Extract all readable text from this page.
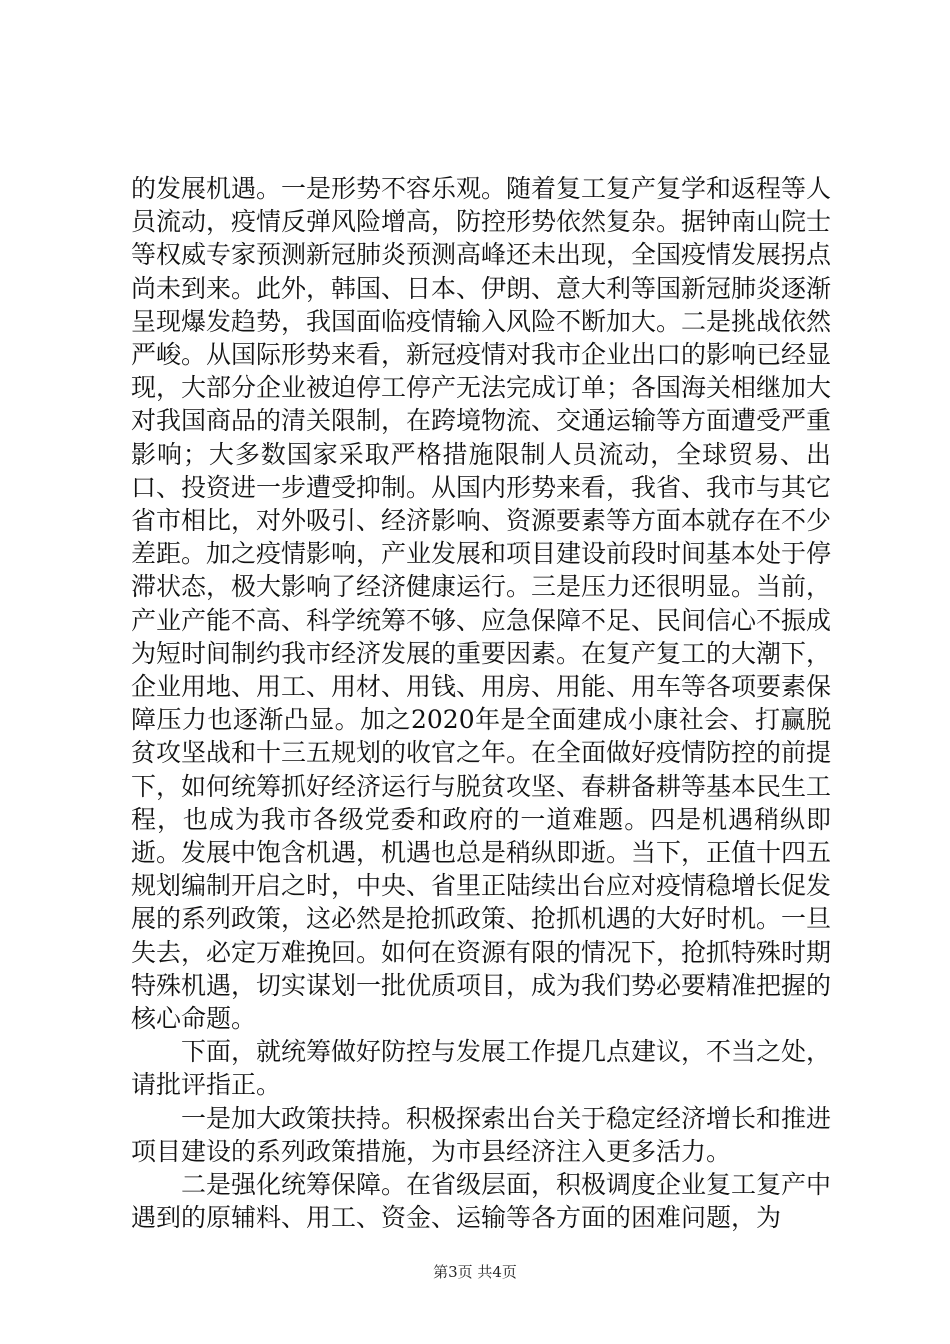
的发展机遇。一是形势不容乐观。随着复工复产复学和返程等人员流动，疫情反弹风险增高，防控形势依然复杂。据钟南山院士等权威专家预测新冠肺炎预测高峰还未出现，全国疫情发展拐点尚未到来。此外，韩国、日本、伊朗、意大利等国新冠肺炎逐渐呈现爆发趋势，我国面临疫情输入风险不断加大。二是挑战依然严峻。从国际形势来看，新冠疫情对我市企业出口的影响已经显现，大部分企业被迫停工停产无法完成订单；各国海关相继加大对我国商品的清关限制，在跨境物流、交通运输等方面遭受严重影响；大多数国家采取严格措施限制人员流动，全球贸易、出口、投资进一步遭受抑制。从国内形势来看，我省、我市与其它省市相比，对外吸引、经济影响、资源要素等方面本就存在不少差距。加之疫情影响，产业发展和项目建设前段时间基本处于停滞状态，极大影响了经济健康运行。三是压力还很明显。当前，产业产能不高、科学统筹不够、应急保障不足、民间信心不振成为短时间制约我市经济发展的重要因素。在复产复工的大潮下，企业用地、用工、用材、用钱、用房、用能、用车等各项要素保障压力也逐渐凸显。加之2020年是全面建成小康社会、打赢脱贫攻坚战和十三五规划的收官之年。在全面做好疫情防控的前提下，如何统筹抓好经济运行与脱贫攻坚、春耕备耕等基本民生工程，也成为我市各级党委和政府的一道难题。四是机遇稍纵即逝。发展中饱含机遇，机遇也总是稍纵即逝。当下，正值十四五规划编制开启之时，中央、省里正陆续出台应对疫情稳增长促发展的系列政策，这必然是抢抓政策、抢抓机遇的大好时机。一旦失去，必定万难挽回。如何在资源有限的情况下，抢抓特殊时期特殊机遇，切实谋划一批优质项目，成为我们势必要精准把握的核心命题。

下面，就统筹做好防控与发展工作提几点建议，不当之处，请批评指正。

一是加大政策扶持。积极探索出台关于稳定经济增长和推进项目建设的系列政策措施，为市县经济注入更多活力。

二是强化统筹保障。在省级层面，积极调度企业复工复产中遇到的原辅料、用工、资金、运输等各方面的困难问题，为

第3页 共4页
